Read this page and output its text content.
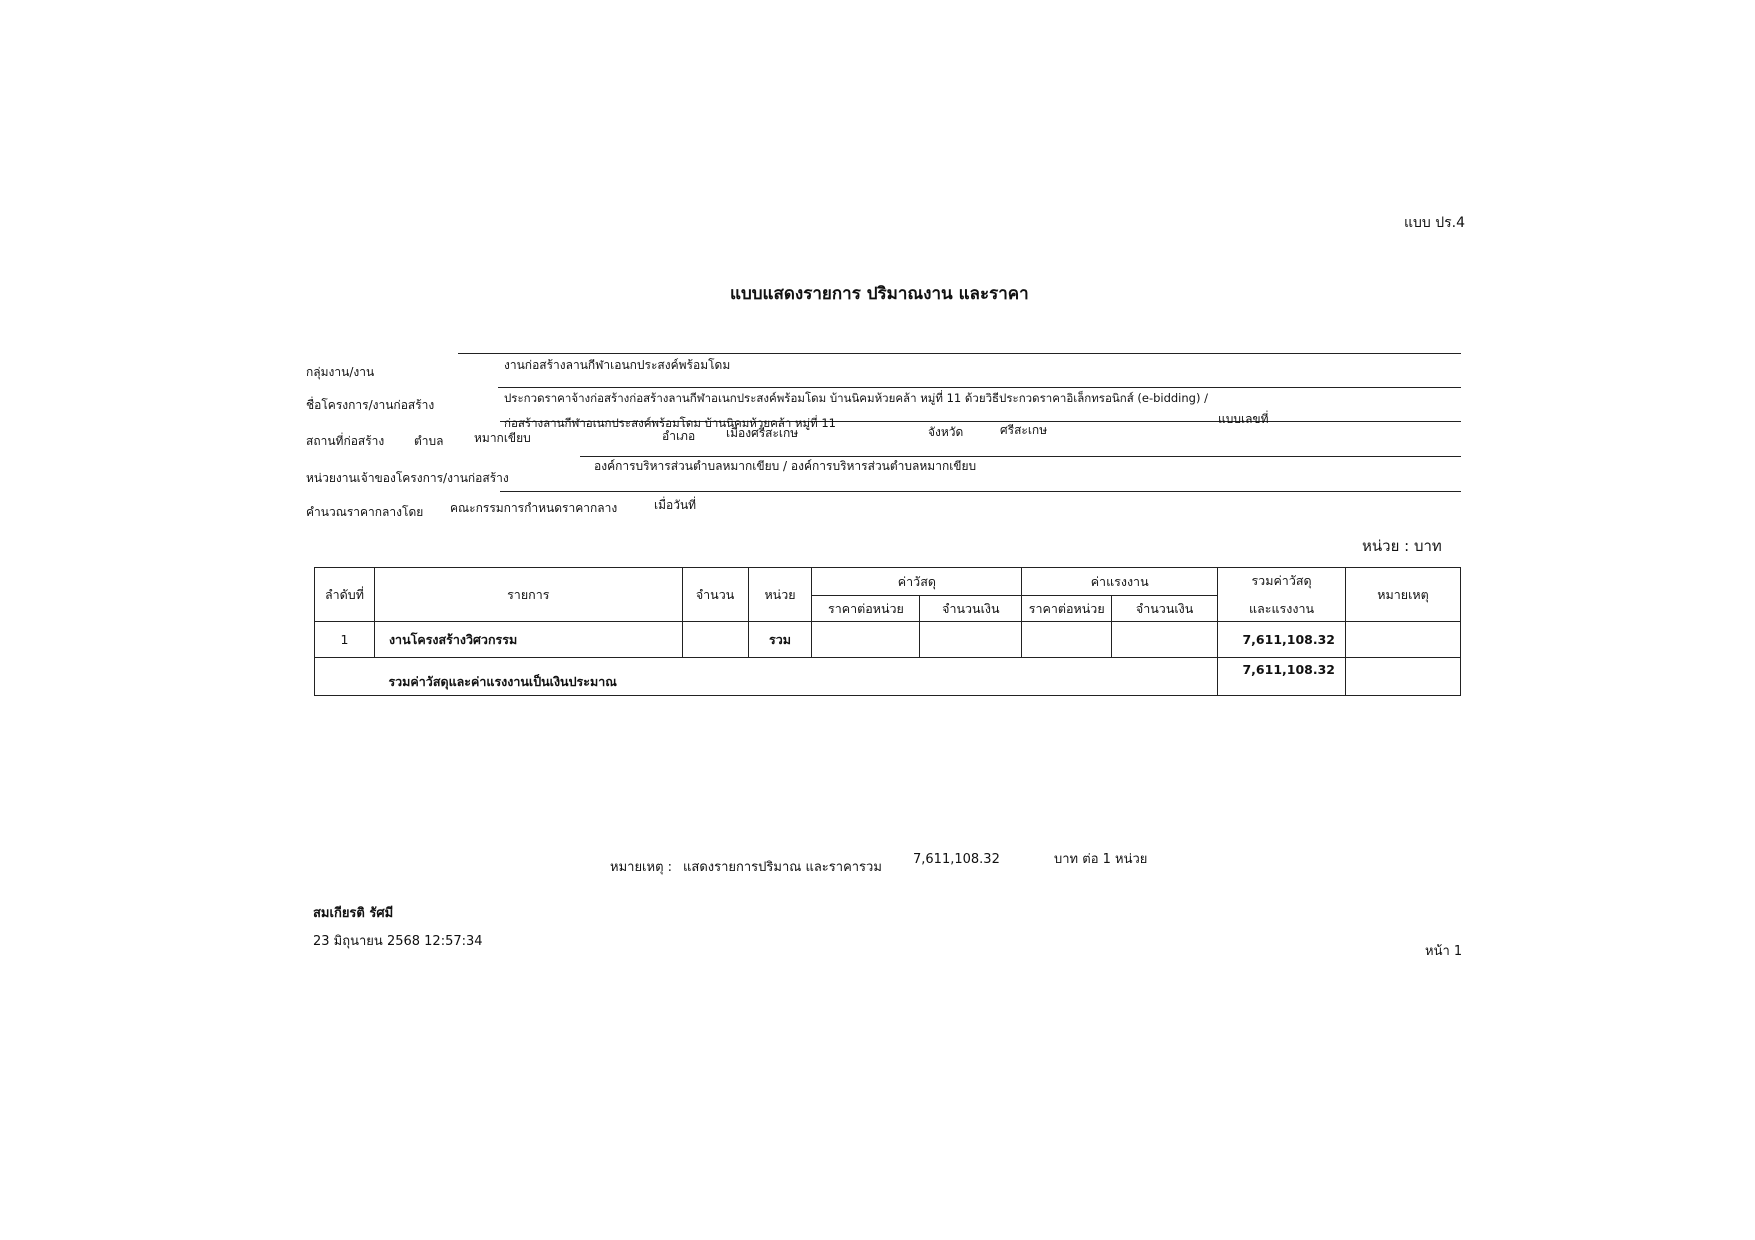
แบบ ปร.4
แบบแสดงรายการ ปริมาณงาน และราคา
กลุ่มงาน/งาน	งานก่อสร้างลานกีฬาเอนกประสงค์พร้อมโดม
ชื่อโครงการ/งานก่อสร้าง	ประกวดราคาจ้างก่อสร้างก่อสร้างลานกีฬาอเนกประสงค์พร้อมโดม บ้านนิคมห้วยคล้า หมู่ที่ 11 ด้วยวิธีประกวดราคาอิเล็กทรอนิกส์ (e-bidding) /
สถานที่ก่อสร้าง ตำบล	หมากเขียบ
ก่อสร้างลานกีฬาอเนกประสงค์พร้อมโดม บ้านนิคมห้วยคล้า หมู่ที่ 11
อำเภอ	เมืองศรีสะเกษ	จังหวัด	ศรีสะเกษ
แบบเลขที่
หน่วยงานเจ้าของโครงการ/งานก่อสร้าง
องค์การบริหารส่วนตำบลหมากเขียบ / องค์การบริหารส่วนตำบลหมากเขียบ
คำนวณราคากลางโดย คณะกรรมการกำหนดราคากลาง	เมื่อวันที่
หน่วย : บาท
ลำดับที่	รายการ	จำนวน	หน่วย	ค่าวัสดุ		ค่าแรงงาน		รวมค่าวัสดุ
และแรงงาน	หมายเหตุ
				ราคาต่อหน่วย	จำนวนเงิน	ราคาต่อหน่วย	จำนวนเงิน		
1	งานโครงสร้างวิศวกรรม		รวม					7,611,108.32	
	รวมค่าวัสดุและค่าแรงงานเป็นเงินประมาณ							7,611,108.32	
หมายเหตุ : แสดงรายการปริมาณ และราคารวม
7,611,108.32	บาท ต่อ 1 หน่วย
สมเกียรติ รัศมี
23 มิถุนายน 2568 12:57:34
หน้า 1
